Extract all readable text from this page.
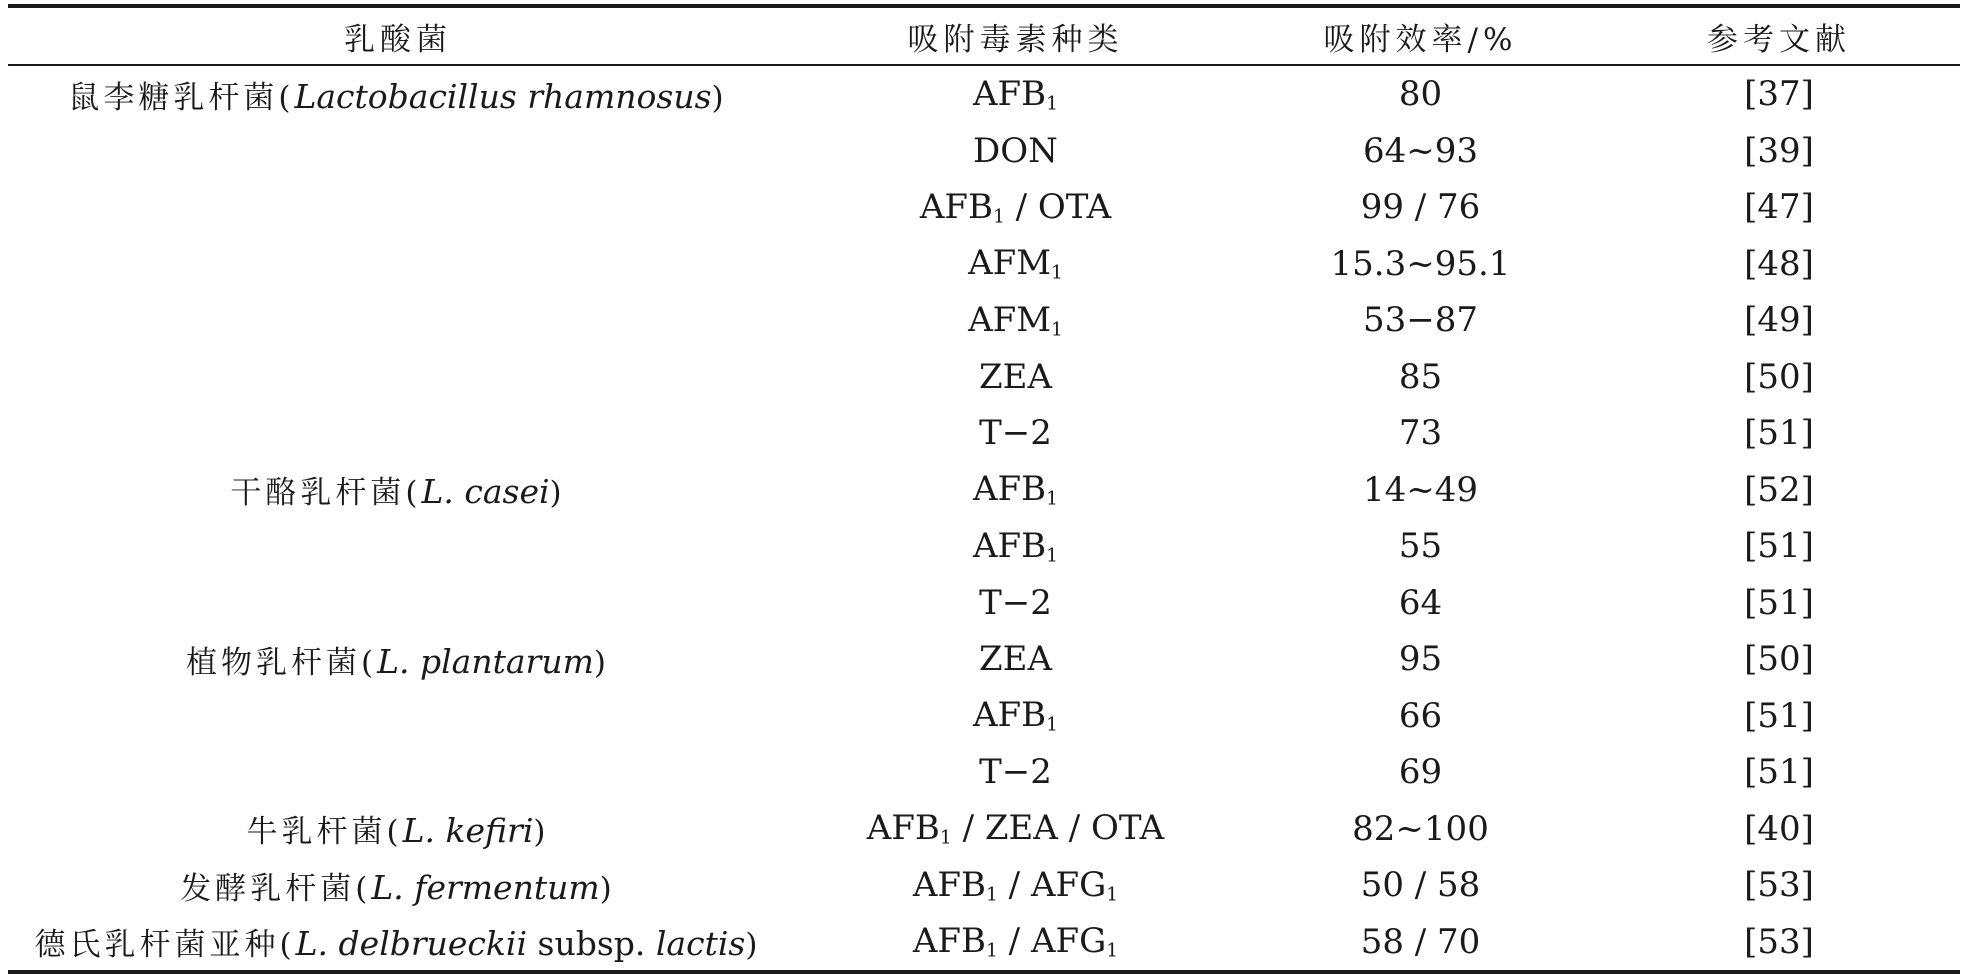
乳酸菌	吸附毒素种类	吸附效率/%	参考文献
鼠李糖乳杆菌(Lactobacillus rhamnosus)	$AFB_1$	80	[37]
	DON	64~93	[39]
	$AFB_1$ / OTA	99 / 76	[47]
	$AFM_1$	15.3~95.1	[48]
	$AFM_1$	53−87	[49]
	ZEA	85	[50]
	T−2	73	[51]
干酪乳杆菌(L. casei)	$AFB_1$	14~49	[52]
	$AFB_1$	55	[51]
	T−2	64	[51]
植物乳杆菌(L. plantarum)	ZEA	95	[50]
	$AFB_1$	66	[51]
	T−2	69	[51]
牛乳杆菌(L. kefiri)	$AFB_1$ / ZEA / OTA	82~100	[40]
发酵乳杆菌(L. fermentum)	$AFB_1 / AFG_1$	50 / 58	[53]
德氏乳杆菌亚种(L. delbrueckii subsp. lactis)	$AFB_1 / AFG_1$	58 / 70	[53]
